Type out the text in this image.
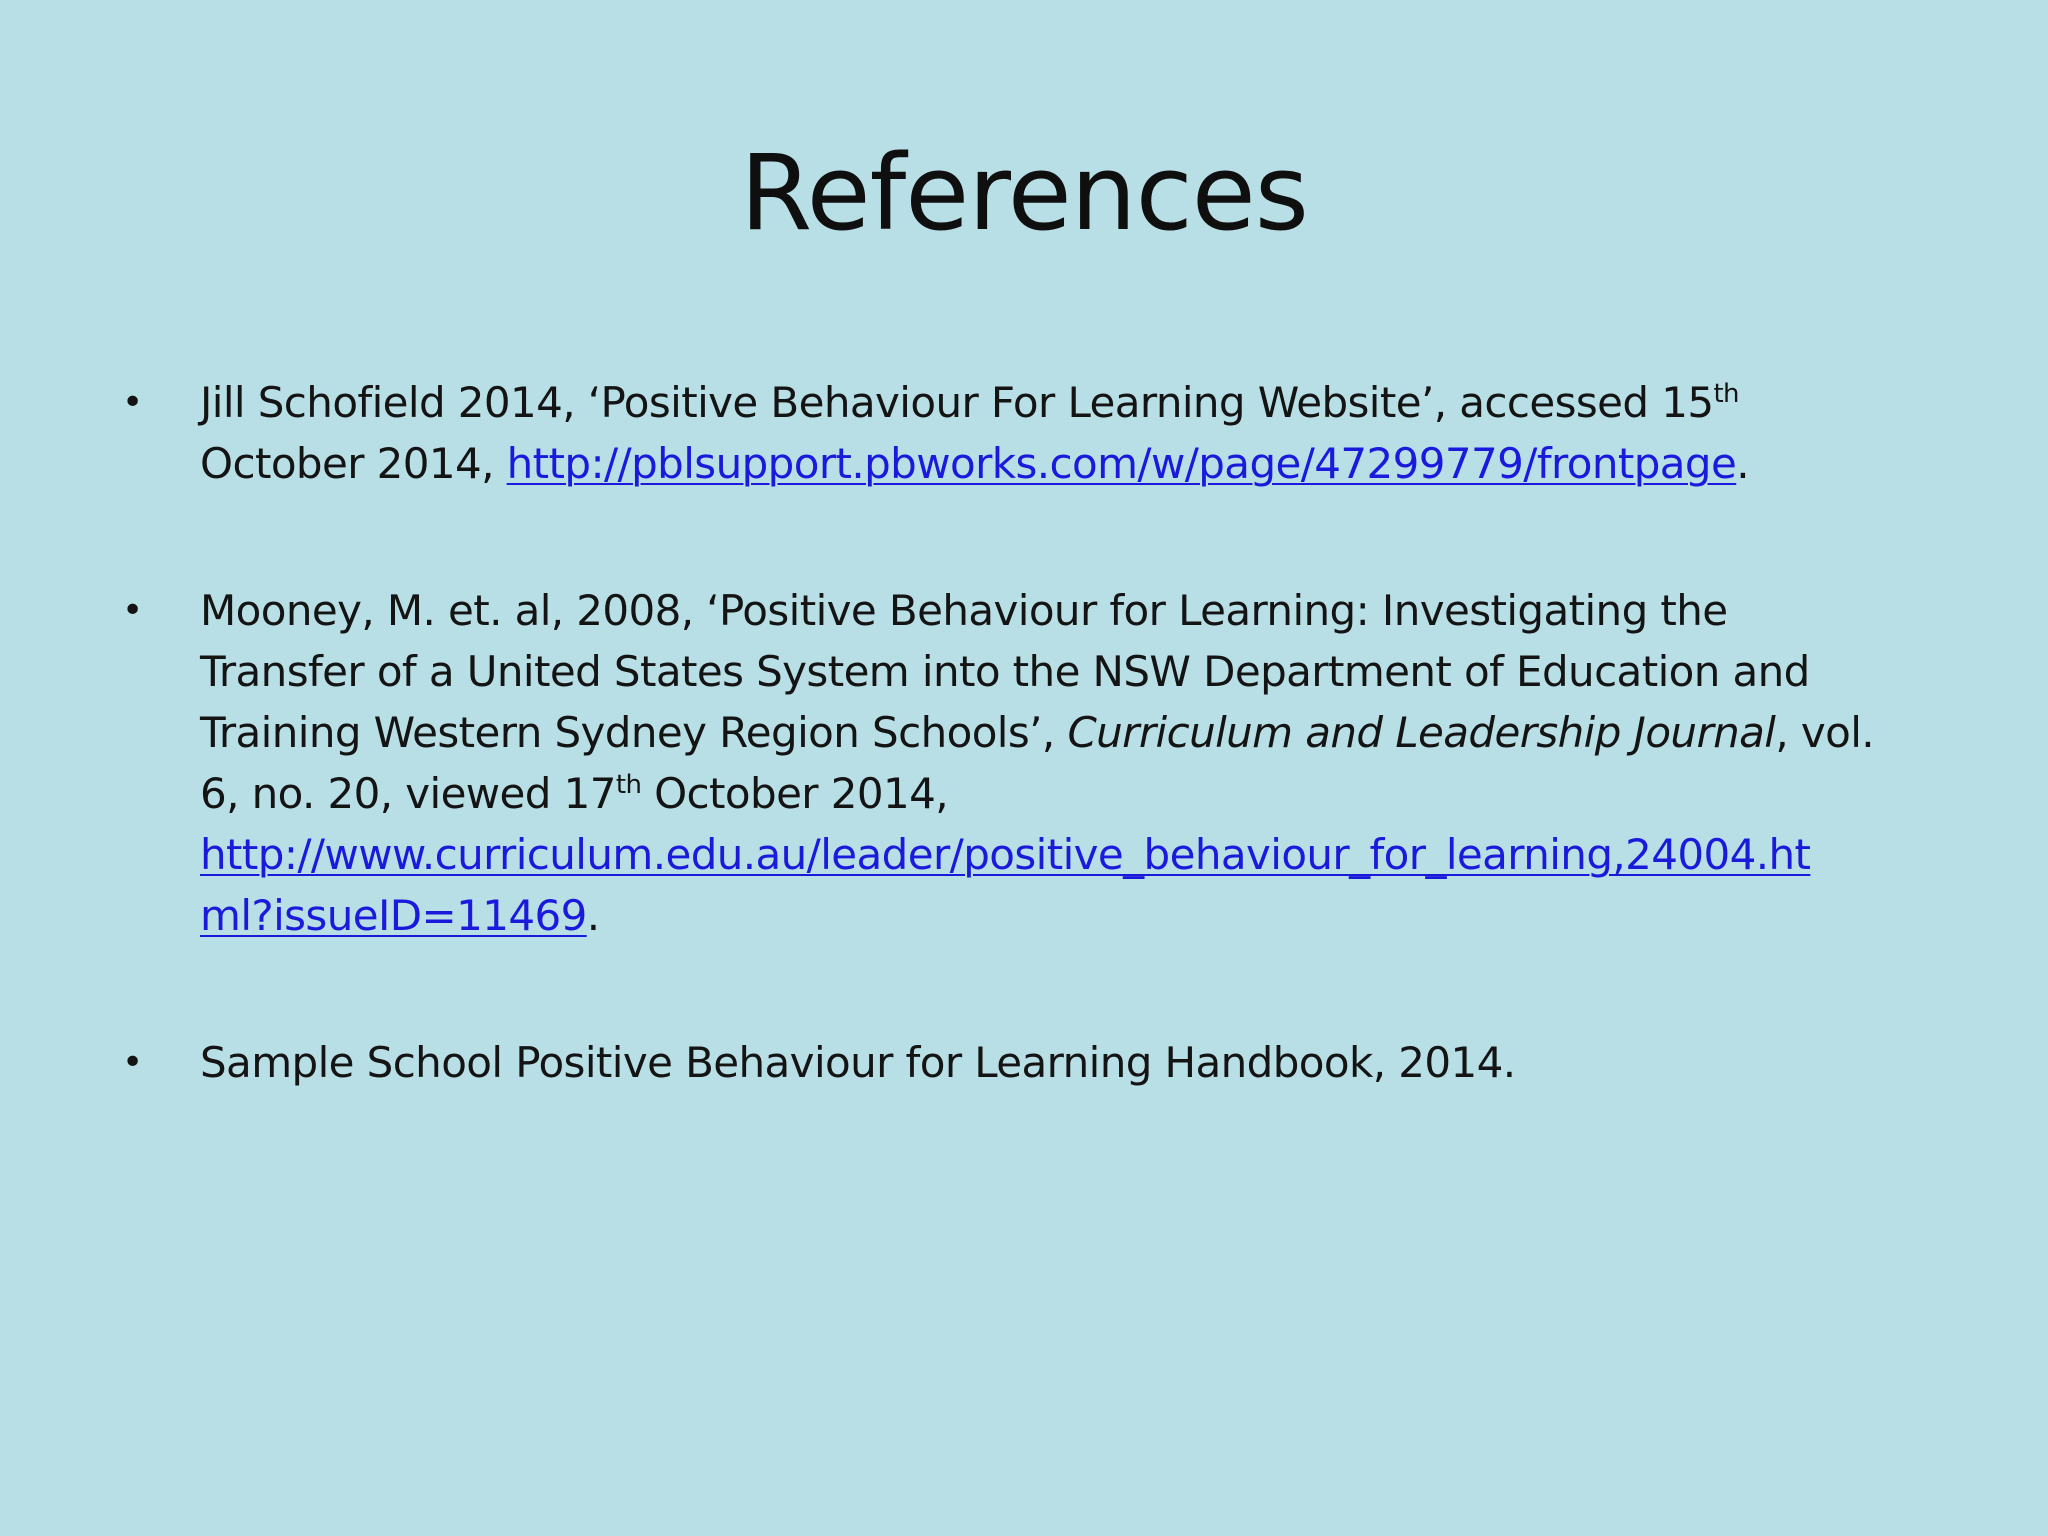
References
• Jill Schofield 2014, ‘Positive Behaviour For Learning Website’, accessed 15th
October 2014, http://pblsupport.pbworks.com/w/page/47299779/frontpage.
• Mooney, M. et. al, 2008, ‘Positive Behaviour for Learning: Investigating the
Transfer of a United States System into the NSW Department of Education and
Training Western Sydney Region Schools’, Curriculum and Leadership Journal, vol.
6, no. 20, viewed 17th October 2014,
http://www.curriculum.edu.au/leader/positive_behaviour_for_learning,24004.ht
ml?issueID=11469.
• Sample School Positive Behaviour for Learning Handbook, 2014.
